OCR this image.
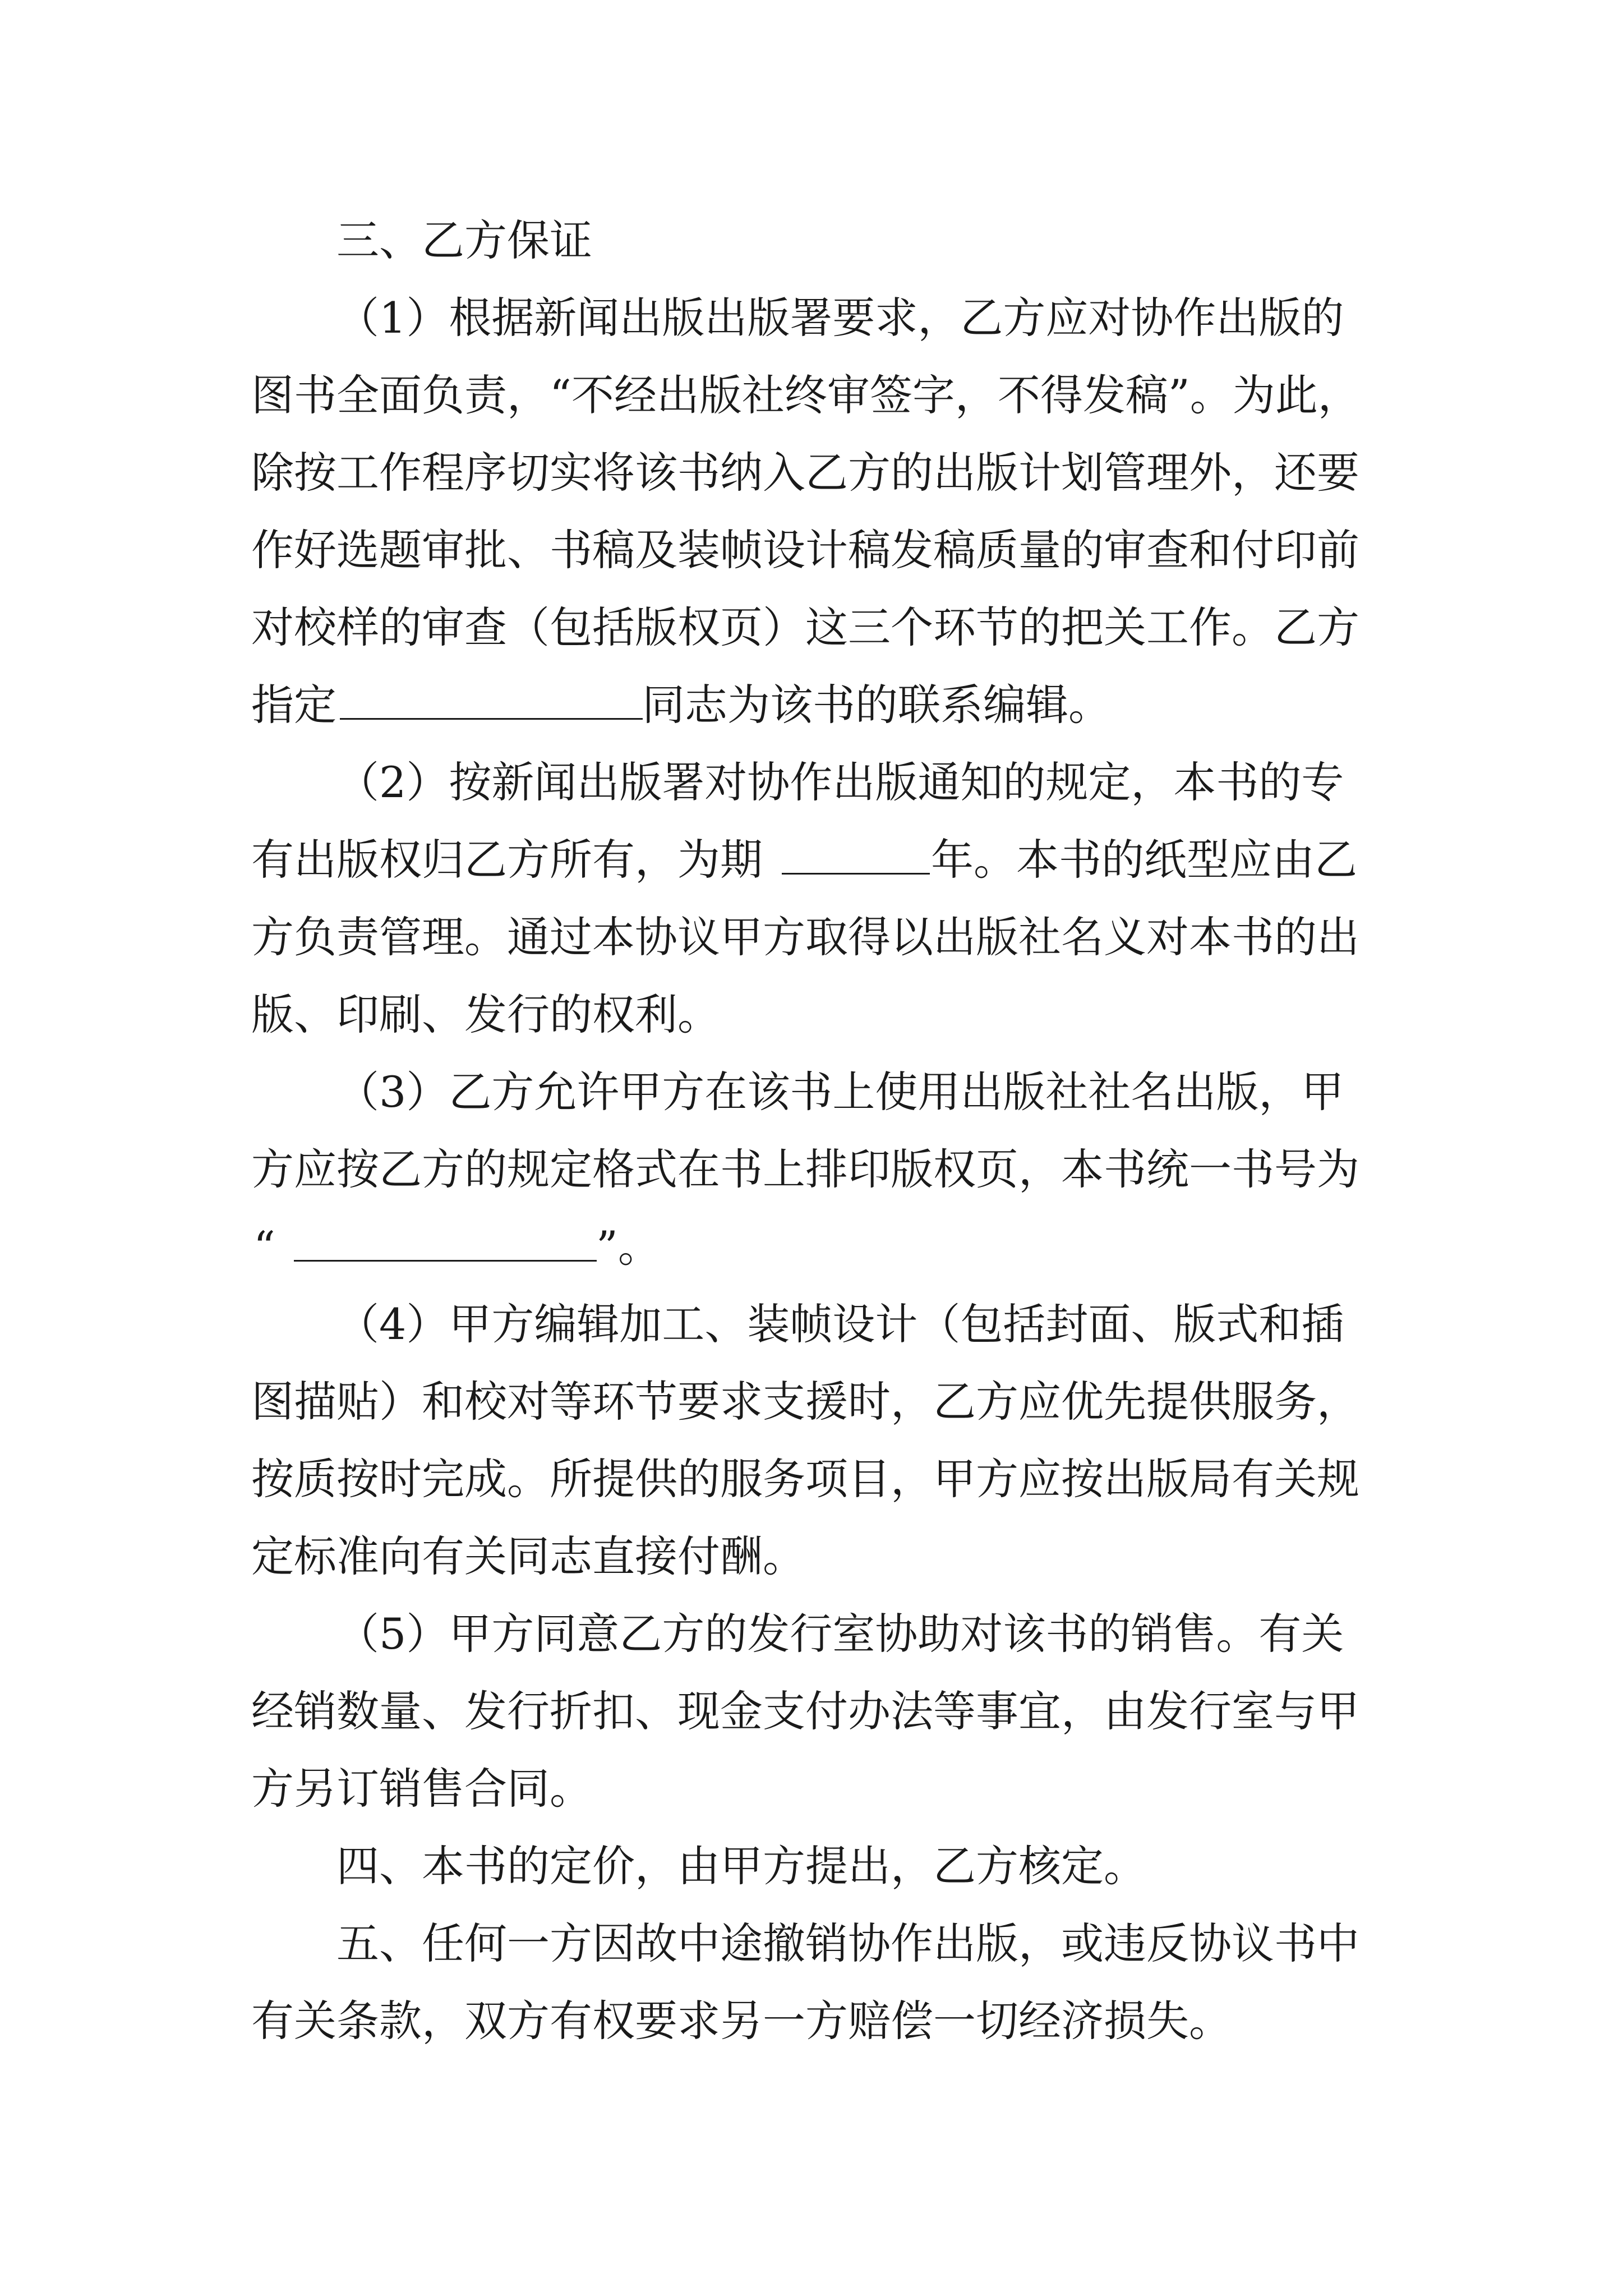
三、乙方保证
（1）根据新闻出版出版署要求，乙方应对协作出版的
图书全面负责，“不经出版社终审签字，不得发稿”。为此，
除按工作程序切实将该书纳入乙方的出版计划管理外，还要
作好选题审批、书稿及装帧设计稿发稿质量的审查和付印前
对校样的审查（包括版权页）这三个环节的把关工作。乙方
指定	同志为该书的联系编辑。
（2）按新闻出版署对协作出版通知的规定，本书的专
有出版权归乙方所有，为期	年。本书的纸型应由乙
方负责管理。通过本协议甲方取得以出版社名义对本书的出
版、印刷、发行的权利。
（3）乙方允许甲方在该书上使用出版社社名出版，甲
方应按乙方的规定格式在书上排印版权页，本书统一书号为
“	”。
（4）甲方编辑加工、装帧设计（包括封面、版式和插
图描贴）和校对等环节要求支援时，乙方应优先提供服务，
按质按时完成。所提供的服务项目，甲方应按出版局有关规
定标准向有关同志直接付酬。
（5）甲方同意乙方的发行室协助对该书的销售。有关
经销数量、发行折扣、现金支付办法等事宜，由发行室与甲
方另订销售合同。
四、本书的定价，由甲方提出，乙方核定。
五、任何一方因故中途撤销协作出版，或违反协议书中
有关条款，双方有权要求另一方赔偿一切经济损失。
